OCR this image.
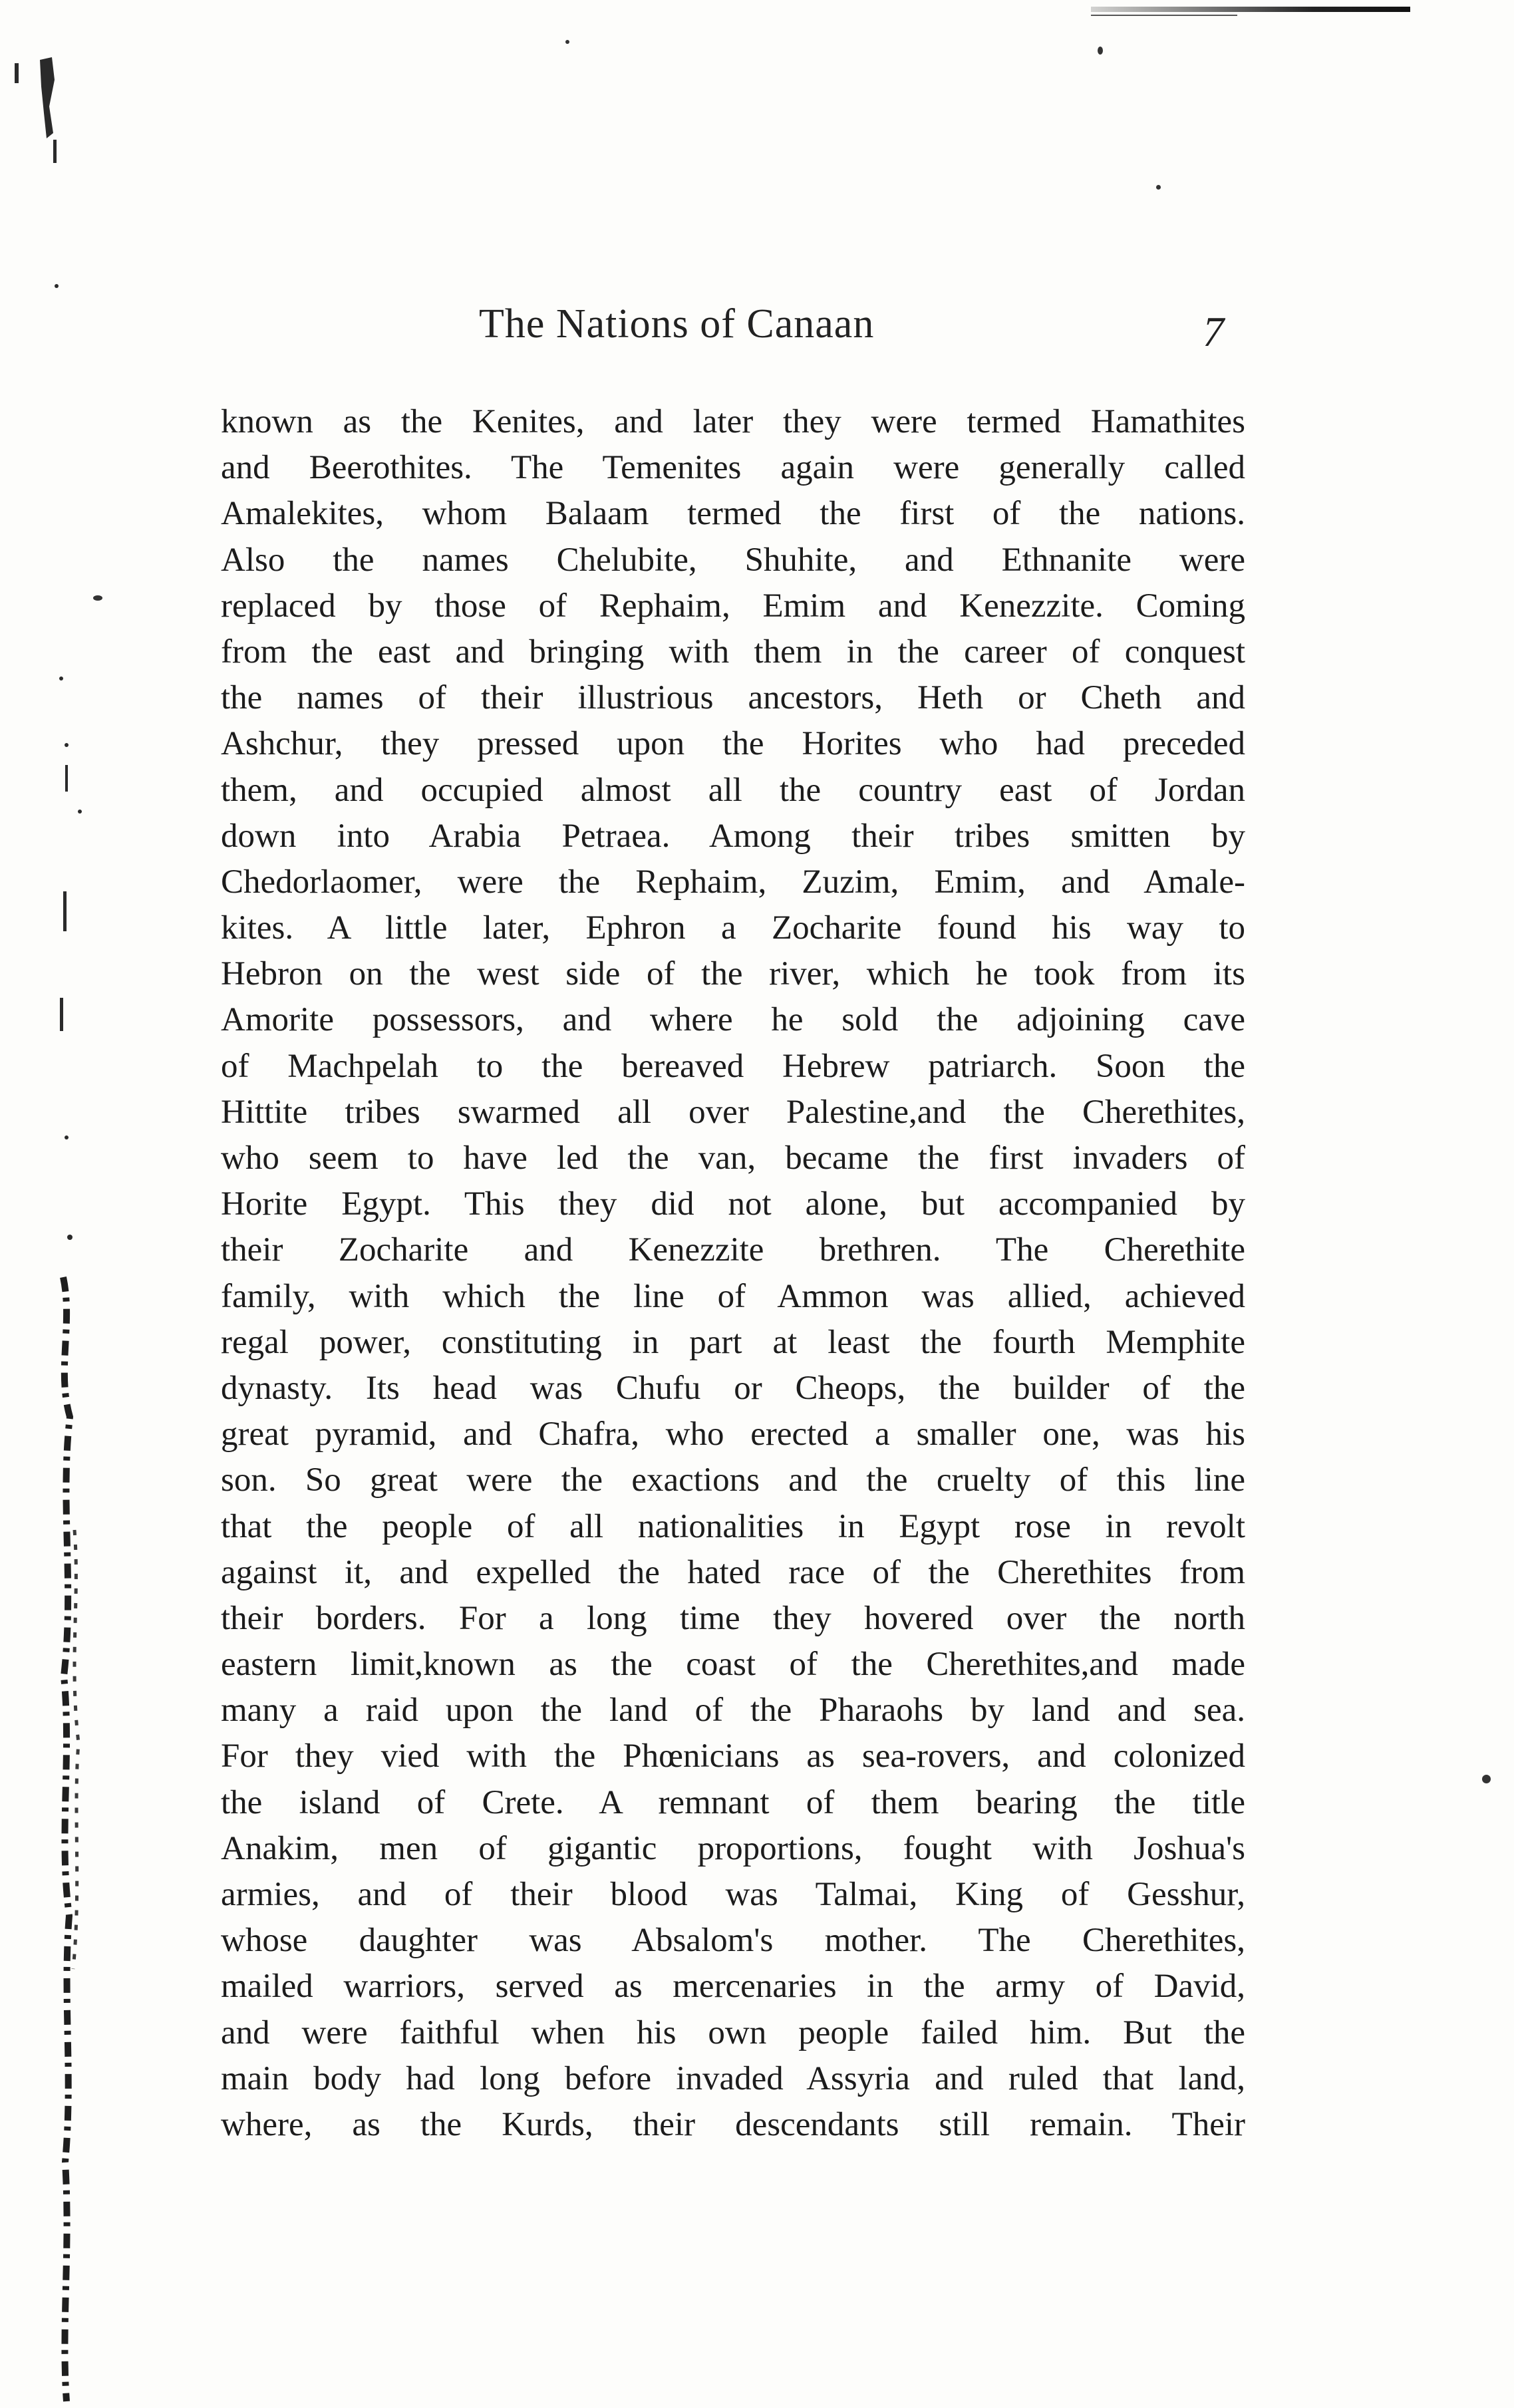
The Nations of Canaan	7
known as the Kenites, and later they were termed Hamathites
and Beerothites. The Temenites again were generally called
Amalekites, whom Balaam termed the first of the nations.
Also the names Chelubite, Shuhite, and Ethnanite were
replaced by those of Rephaim, Emim and Kenezzite. Coming
from the east and bringing with them in the career of conquest
the names of their illustrious ancestors, Heth or Cheth and
Ashchur, they pressed upon the Horites who had preceded
them, and occupied almost all the country east of Jordan
down into Arabia Petraea. Among their tribes smitten by
Chedorlaomer, were the Rephaim, Zuzim, Emim, and Amale-
kites. A little later, Ephron a Zocharite found his way to
Hebron on the west side of the river, which he took from its
Amorite possessors, and where he sold the adjoining cave
of Machpelah to the bereaved Hebrew patriarch. Soon the
Hittite tribes swarmed all over Palestine,and the Cherethites,
who seem to have led the van, became the first invaders of
Horite Egypt. This they did not alone, but accompanied by
their Zocharite and Kenezzite brethren. The Cherethite
family, with which the line of Ammon was allied, achieved
regal power, constituting in part at least the fourth Memphite
dynasty. Its head was Chufu or Cheops, the builder of the
great pyramid, and Chafra, who erected a smaller one, was his
son. So great were the exactions and the cruelty of this line
that the people of all nationalities in Egypt rose in revolt
against it, and expelled the hated race of the Cherethites from
their borders. For a long time they hovered over the north
eastern limit,known as the coast of the Cherethites,and made
many a raid upon the land of the Pharaohs by land and sea.
For they vied with the Phœnicians as sea-rovers, and colonized
the island of Crete. A remnant of them bearing the title
Anakim, men of gigantic proportions, fought with Joshua's
armies, and of their blood was Talmai, King of Gesshur,
whose daughter was Absalom's mother. The Cherethites,
mailed warriors, served as mercenaries in the army of David,
and were faithful when his own people failed him. But the
main body had long before invaded Assyria and ruled that land,
where, as the Kurds, their descendants still remain. Their
